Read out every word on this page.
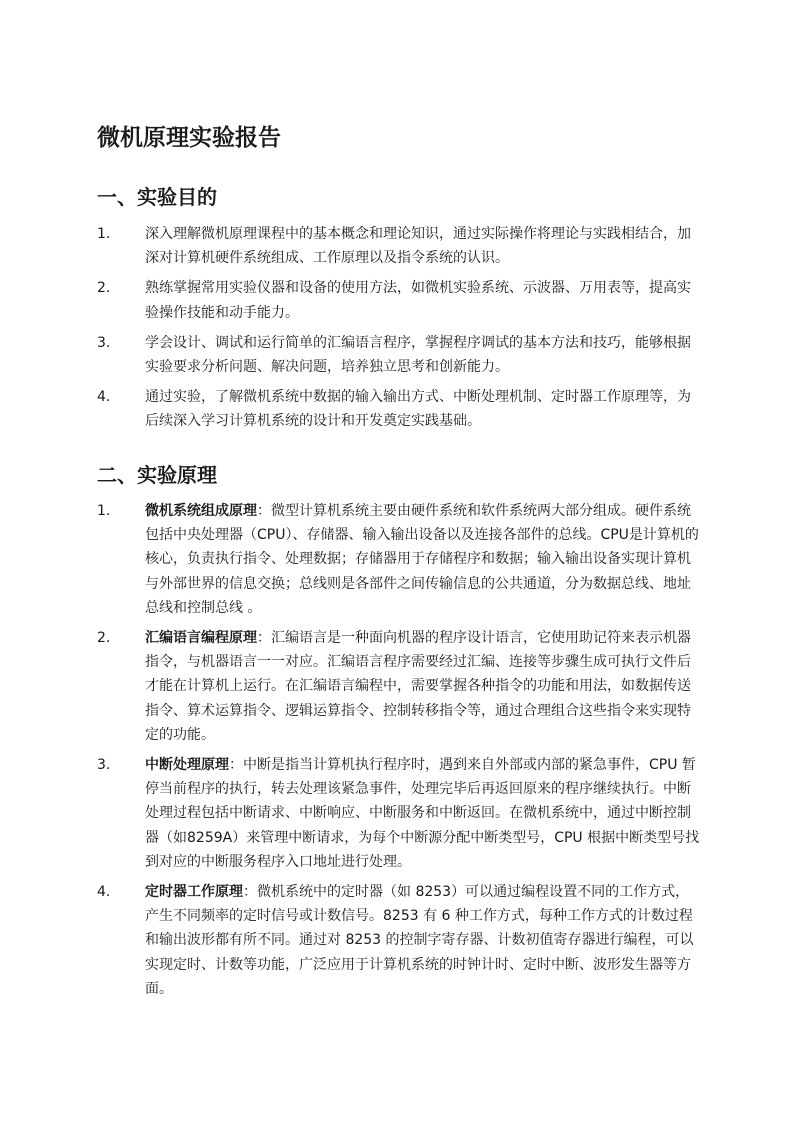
微机原理实验报告
一、实验目的
1.	深入理解微机原理课程中的基本概念和理论知识，通过实际操作将理论与实践相结合，加深对计算机硬件系统组成、工作原理以及指令系统的认识。
2.	熟练掌握常用实验仪器和设备的使用方法，如微机实验系统、示波器、万用表等，提高实验操作技能和动手能力。
3.	学会设计、调试和运行简单的汇编语言程序，掌握程序调试的基本方法和技巧，能够根据实验要求分析问题、解决问题，培养独立思考和创新能力。
4.	通过实验，了解微机系统中数据的输入输出方式、中断处理机制、定时器工作原理等，为后续深入学习计算机系统的设计和开发奠定实践基础。
二、实验原理
1.	微机系统组成原理：微型计算机系统主要由硬件系统和软件系统两大部分组成。硬件系统包括中央处理器（CPU）、存储器、输入输出设备以及连接各部件的总线。CPU是计算机的核心，负责执行指令、处理数据；存储器用于存储程序和数据；输入输出设备实现计算机与外部世界的信息交换；总线则是各部件之间传输信息的公共通道，分为数据总线、地址总线和控制总线 。
2.	汇编语言编程原理：汇编语言是一种面向机器的程序设计语言，它使用助记符来表示机器指令，与机器语言一一对应。汇编语言程序需要经过汇编、连接等步骤生成可执行文件后才能在计算机上运行。在汇编语言编程中，需要掌握各种指令的功能和用法，如数据传送指令、算术运算指令、逻辑运算指令、控制转移指令等，通过合理组合这些指令来实现特定的功能。
3.	中断处理原理：中断是指当计算机执行程序时，遇到来自外部或内部的紧急事件，CPU 暂停当前程序的执行，转去处理该紧急事件，处理完毕后再返回原来的程序继续执行。中断处理过程包括中断请求、中断响应、中断服务和中断返回。在微机系统中，通过中断控制器（如8259A）来管理中断请求，为每个中断源分配中断类型号，CPU 根据中断类型号找到对应的中断服务程序入口地址进行处理。
4.	定时器工作原理：微机系统中的定时器（如 8253）可以通过编程设置不同的工作方式，产生不同频率的定时信号或计数信号。8253 有 6 种工作方式，每种工作方式的计数过程和输出波形都有所不同。通过对 8253 的控制字寄存器、计数初值寄存器进行编程，可以实现定时、计数等功能，广泛应用于计算机系统的时钟计时、定时中断、波形发生器等方面。
